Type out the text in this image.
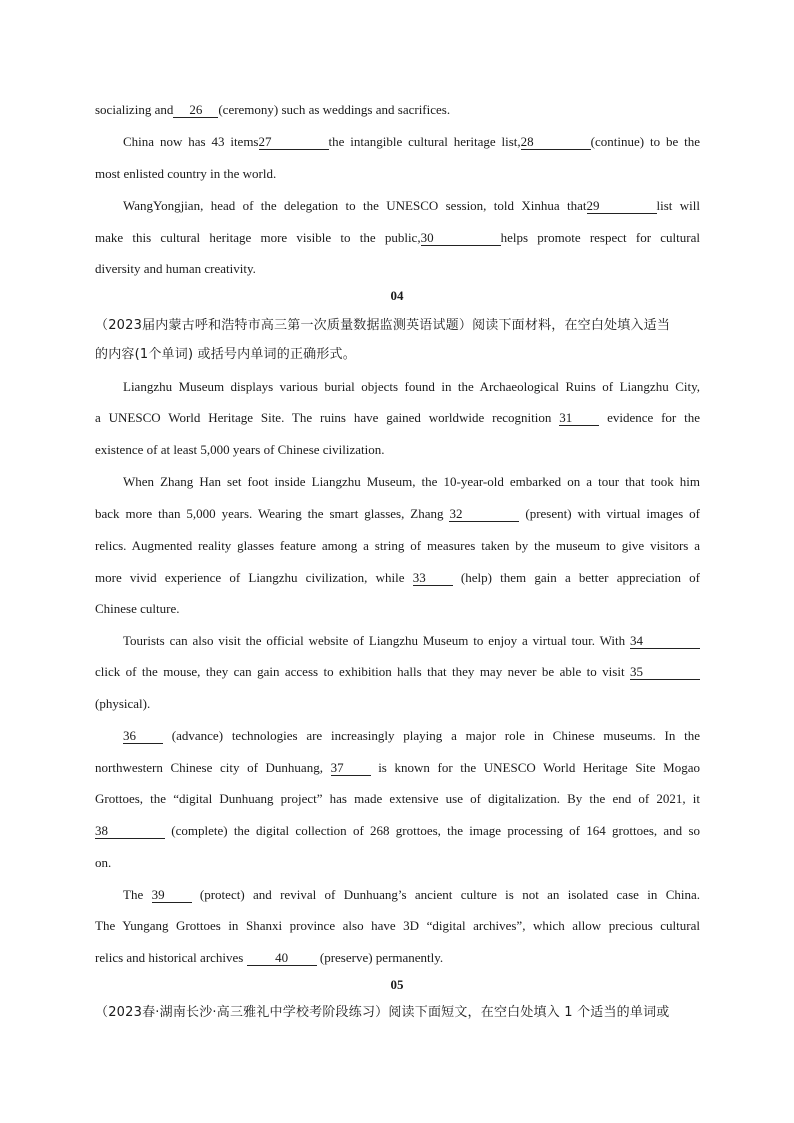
socializing and 26 (ceremony) such as weddings and sacrifices.
China now has 43 items27	the intangible cultural heritage list,28	(continue) to be the
most enlisted country in the world.
WangYongjian, head of the delegation to the UNESCO session, told Xinhua that29	list will
make this cultural heritage more visible to the public,30	helps promote respect for cultural
diversity and human creativity.
04
（2023届内蒙古呼和浩特市高三第一次质量数据监测英语试题）阅读下面材料，在空白处填入适当
的内容(1个单词) 或括号内单词的正确形式。
Liangzhu Museum displays various burial objects found in the Archaeological Ruins of Liangzhu City,
a UNESCO World Heritage Site. The ruins have gained worldwide recognition 31 evidence for the
existence of at least 5,000 years of Chinese civilization.
When Zhang Han set foot inside Liangzhu Museum, the 10-year-old embarked on a tour that took him
back more than 5,000 years. Wearing the smart glasses, Zhang 32	(present) with virtual images of
relics. Augmented reality glasses feature among a string of measures taken by the museum to give visitors a
more vivid experience of Liangzhu civilization, while 33 (help) them gain a better appreciation of
Chinese culture.
Tourists can also visit the official website of Liangzhu Museum to enjoy a virtual tour. With 34
click of the mouse, they can gain access to exhibition halls that they may never be able to visit 35
(physical).
36 (advance) technologies are increasingly playing a major role in Chinese museums. In the
northwestern Chinese city of Dunhuang, 37 is known for the UNESCO World Heritage Site Mogao
Grottoes, the “digital Dunhuang project” has made extensive use of digitalization. By the end of 2021, it
38	(complete) the digital collection of 268 grottoes, the image processing of 164 grottoes, and so
on.
The 39 (protect) and revival of Dunhuang’s ancient culture is not an isolated case in China.
The Yungang Grottoes in Shanxi province also have 3D “digital archives”, which allow precious cultural
relics and historical archives 40 (preserve) permanently.
05
（2023春·湖南长沙·高三雅礼中学校考阶段练习）阅读下面短文，在空白处填入 1 个适当的单词或
